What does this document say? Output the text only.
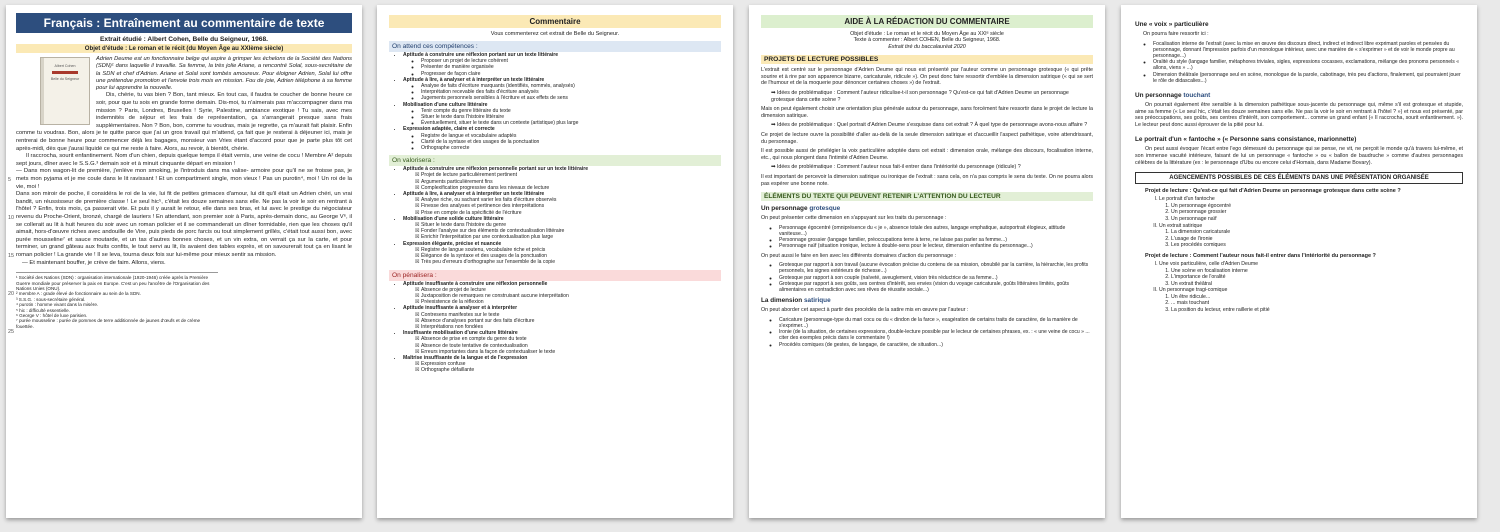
Français : Entraînement au commentaire de texte
Extrait étudié : Albert Cohen, Belle du Seigneur, 1968.
Objet d'étude : Le roman et le récit (du Moyen Âge au XXIème siècle)
Albert Cohen
Belle du Seigneur
Adrien Deume est un fonctionnaire belge qui aspire à grimper les échelons de la Société des Nations (SDN)¹ dans laquelle il travaille. Sa femme, la très jolie Ariane, a rencontré Solal, sous-secrétaire de la SDN et chef d'Adrien. Ariane et Solal sont tombés amoureux. Pour éloigner Adrien, Solal lui offre une prétendue promotion et l'envoie trois mois en mission. Fou de joie, Adrien téléphone à sa femme pour lui apprendre la nouvelle.

Dis, chérie, tu vas bien ? Bon, tant mieux. En tout cas, il faudra te coucher de bonne heure ce soir, pour que tu sois en grande forme demain. Dis-moi, tu n'aimerais pas m'accompagner dans ma mission ? Paris, Londres, Bruxelles ! Syrie, Palestine, ambiance exotique ! Tu sais, avec mes indemnités de séjour et les frais de représentation, ça s'arrangerait presque sans frais supplémentaires. Non ? Bon, bon, comme tu voudras, mais je regrette, ça m'aurait fait plaisir. Enfin comme tu voudras. Bon, alors je te quitte parce que j'ai un gros travail qui m'attend, ça fait que je resterai à déjeuner ici, mais je rentrerai de bonne heure pour commencer déjà les bagages, monsieur van Vries étant d'accord pour que je parte plus tôt cet après-midi, dès que j'aurai liquidé ce qui me reste à faire. Alors, au revoir, à bientôt, chérie.

Il raccrocha, sourit enfantinement. Nom d'un chien, depuis quelque temps il était vernis, une veine de cocu ! Membre A² depuis sept jours, dîner avec le S.S.G.³ demain soir et à minuit cinquante départ en mission !

— Dans mon wagon-lit de première, j'enlève mon smoking, je l'introduis dans ma valise- armoire pour qu'il ne se froisse pas, je mets mon pyjama et je me coule dans le lit ravissant ! Et un compartiment single, mon vieux ! Pas un purotin⁴, moi ! Un roi de la vie, moi !

Dans son miroir de poche, il considéra le roi de la vie, lui fit de petites grimaces d'amour, lui dit qu'il était un Adrien chéri, un vrai bandit, un réussisseur de première classe ! Le seul hic⁵, c'était les douze semaines sans elle. Ne pas la voir le soir en rentrant à l'hôtel ? Enfin, trois mois, ça passerait vite. Et puis il y aurait le retour, elle dans ses bras, et lui avec le prestige du négociateur revenu du Proche-Orient, bronzé, chargé de lauriers ! En attendant, son premier soir à Paris, après-demain donc, au George V⁶, il se collerait au lit à huit heures du soir avec un roman policier et il se commanderait un dîner formidable, rien que les choses qu'il aimait, hors-d'œuvre riches avec andouille de Vire, puis pieds de porc farcis ou tout simplement grillés, c'était tout aussi bon, avec purée mousseline⁷ et sauce moutarde, et un tas d'autres bonnes choses, et un vin extra, on verrait ça sur la carte, et pour terminer, un grand gâteau aux fruits confits, le tout servi au lit, ils avaient des tables exprès, et on savourerait tout ça en lisant le roman policier ! La grande vie ! Il se leva, tourna deux fois sur lui-même pour mieux sentir sa mission.

— Et maintenant bouffer, je crève de faim. Allons, viens.

5
10
15
20
25
¹ Société des Nations (SDN) : organisation internationale (1920-1946) créée après la Première Guerre mondiale pour préserver la paix en Europe. C'est un peu l'ancêtre de l'Organisation des Nations Unies (ONU).
² membre A : grade élevé de fonctionnaire au sein de la SDN.
³ S.S.G. : sous-secrétaire général.
⁴ purotin : homme vivant dans la misère.
⁵ hic : difficulté essentielle.
⁶ George V : hôtel de luxe parisien.
⁷ purée mousseline : purée de pommes de terre additionnée de jaunes d'œufs et de crème fouettée.
Commentaire
Vous commenterez cet extrait de Belle du Seigneur.
On attend ces compétences :
• Aptitude à construire une réflexion portant sur un texte littéraire
◦ Proposer un projet de lecture cohérent
◦ Présenter de manière organisée
◦ Progresser de façon claire
• Aptitude à lire, à analyser et à interpréter un texte littéraire
◦ Analyse de faits d'écriture marquants (identifiés, nommés, analysés)
◦ Interprétation recevable des faits d'écriture analysés
◦ Jugements personnels sensibles à l'écriture et aux effets de sens
• Mobilisation d'une culture littéraire
◦ Tenir compte du genre littéraire du texte
◦ Situer le texte dans l'histoire littéraire
◦ Éventuellement, situer le texte dans un contexte (artistique) plus large
• Expression adaptée, claire et correcte
◦ Registre de langue et vocabulaire adaptés
◦ Clarté de la syntaxe et des usages de la ponctuation
◦ Orthographe correcte
On valorisera :
• Aptitude à construire une réflexion personnelle portant sur un texte littéraire
☒ Projet de lecture particulièrement pertinent
☒ Arguments particulièrement fins
☒ Complexification progressive dans les niveaux de lecture
• Aptitude à lire, à analyser et à interpréter un texte littéraire
☒ Analyse riche, ou sachant varier les faits d'écriture observés
☒ Finesse des analyses et pertinence des interprétations
☒ Prise en compte de la spécificité de l'écriture
• Mobilisation d'une solide culture littéraire
☒ Situer le texte dans l'histoire du genre
☒ Fonder l'analyse sur des éléments de contextualisation littéraire
☒ Enrichir l'interprétation par une contextualisation plus large
• Expression élégante, précise et nuancée
☒ Registre de langue soutenu, vocabulaire riche et précis
☒ Élégance de la syntaxe et des usages de la ponctuation
☒ Très peu d'erreurs d'orthographe sur l'ensemble de la copie
On pénalisera :
• Aptitude insuffisante à construire une réflexion personnelle
☒ Absence de projet de lecture
☒ Juxtaposition de remarques ne construisant aucune interprétation
☒ Préexistence de la réflexion
• Aptitude insuffisante à analyser et à interpréter
☒ Contresens manifestes sur le texte
☒ Absence d'analyses portant sur des faits d'écriture
☒ Interprétations non fondées
• Insuffisante mobilisation d'une culture littéraire
☒ Absence de prise en compte du genre du texte
☒ Absence de toute tentative de contextualisation
☒ Erreurs importantes dans la façon de contextualiser le texte
• Maîtrise insuffisante de la langue et de l'expression
☒ Expression confuse
☒ Orthographe défaillante
AIDE À LA RÉDACTION DU COMMENTAIRE
Objet d'étude : Le roman et le récit du Moyen Âge au XXIᵉ siècle
Texte à commenter : Albert COHEN, Belle du Seigneur, 1968.
Extrait tiré du baccalauréat 2020
PROJETS DE LECTURE POSSIBLES
L'extrait est centré sur le personnage d'Adrien Deume qui nous est présenté par l'auteur comme un personnage grotesque (« qui prête sourire et à rire par son apparence bizarre, caricaturale, ridicule »). On peut donc faire ressortir d'emblée la dimension satirique (« qui se sert de l'humour et de la moquerie pour dénoncer certaines choses ») de l'extrait.
➡ Idées de problématique : Comment l'auteur ridiculise-t-il son personnage ? Qu'est-ce qui fait d'Adrien Deume un personnage grotesque dans cette scène ?
Mais on peut également choisir une orientation plus générale autour du personnage, sans forcément faire ressortir dans le projet de lecture la dimension satirique.
➡ Idées de problématique : Quel portrait d'Adrien Deume s'esquisse dans cet extrait ? À quel type de personnage avons-nous affaire ?
Ce projet de lecture ouvre la possibilité d'aller au-delà de la seule dimension satirique et d'accueillir l'aspect pathétique, voire attendrissant, du personnage.
Il est possible aussi de privilégier la voix particulière adoptée dans cet extrait : dimension orale, mélange des discours, focalisation interne, etc., qui nous plongent dans l'intimité d'Adrien Deume.
➡ Idées de problématique : Comment l'auteur nous fait-il entrer dans l'intériorité du personnage (ridicule) ?
Il est important de percevoir la dimension satirique ou ironique de l'extrait : sans cela, on n'a pas compris le sens du texte. On ne pourra alors pas espérer une bonne note.
ÉLÉMENTS DU TEXTE QUI PEUVENT RETENIR L'ATTENTION DU LECTEUR
Un personnage grotesque
On peut présenter cette dimension en s'appuyant sur les traits du personnage :
◦ Personnage égocentré (omniprésence du « je », absence totale des autres, langage emphatique, autoportrait élogieux, attitude vaniteuse...)
◦ Personnage grossier (langage familier, préoccupations terre à terre, ne laisse pas parler sa femme...)
◦ Personnage naïf (situation ironique, lecture à double-sens pour le lecteur, dimension enfantine du personnage...)
On peut aussi le faire en lien avec les différents domaines d'action du personnage :
◦ Grotesque par rapport à son travail (aucune évocation précise du contenu de sa mission, obnubilé par la carrière, la hiérarchie, les profits personnels, les signes extérieurs de richesse...)
◦ Grotesque par rapport à son couple (naïveté, aveuglement, vision très réductrice de sa femme...)
◦ Grotesque par rapport à ses goûts, ses centres d'intérêt, ses envies (vision du voyage caricaturale, goûts littéraires limités, goûts alimentaires en contradiction avec ses rêves de réussite sociale...)
La dimension satirique
On peut aborder cet aspect à partir des procédés de la satire mis en œuvre par l'auteur :
◦ Caricature (personnage-type du mari cocu ou du « dindon de la farce », exagération de certains traits de caractère, de la manière de s'exprimer...)
◦ Ironie (de la situation, de certaines expressions, double-lecture possible par le lecteur de certaines phrases, ex. : « une veine de cocu » ... citer des exemples précis dans le commentaire !)
◦ Procédés comiques (de gestes, de langage, de caractère, de situation...)
Une « voix » particulière
On pourra faire ressortir ici :
◦ Focalisation interne de l'extrait (avec la mise en œuvre des discours direct, indirect et indirect libre exprimant paroles et pensées du personnage, donnant l'impression parfois d'un monologue intérieur, avec une manière de « s'exprimer » et de voir le monde propre au personnage...)
◦ Oralité du style (langage familier, métaphores triviales, sigles, expressions cocasses, exclamations, mélange des pronoms personnels « allons, viens » ...)
◦ Dimension théâtrale (personnage seul en scène, monologue de la parole, cabotinage, très peu d'actions, finalement, qui pourraient jouer le rôle de didascalies...)
Un personnage touchant
On pourrait également être sensible à la dimension pathétique sous-jacente du personnage qui, même s'il est grotesque et stupide, aime sa femme (« Le seul hic, c'était les douze semaines sans elle. Ne pas la voir le soir en rentrant à l'hôtel ? ») et nous est présenté, par ses préoccupations, ses goûts, ses centres d'intérêt, son comportement... comme un grand enfant (« Il raccrocha, sourit enfantinement. »). Le lecteur peut donc aussi éprouver de la pitié pour lui.
Le portrait d'un « fantoche » (« Personne sans consistance, marionnette)
On peut aussi évoquer l'écart entre l'ego démesuré du personnage qui se pense, ne vit, ne perçoit le monde qu'à travers lui-même, et son immense vacuité intérieure, faisant de lui un personnage « fantoche » ou « ballon de baudruche » comme d'autres personnages célèbres de la littérature (ex : le personnage d'Ubu ou encore celui d'Homais, dans Madame Bovary).
AGENCEMENTS POSSIBLES DE CES ÉLÉMENTS DANS UNE PRÉSENTATION ORGANISÉE
Projet de lecture : Qu'est-ce qui fait d'Adrien Deume un personnage grotesque dans cette scène ?
I. Le portrait d'un fantoche
1. Un personnage égocentré
2. Un personnage grossier
3. Un personnage naïf
II. Un extrait satirique
1. La dimension caricaturale
2. L'usage de l'ironie
3. Les procédés comiques
Projet de lecture : Comment l'auteur nous fait-il entrer dans l'intériorité du personnage ?
I. Une voix particulière, celle d'Adrien Deume
1. Une scène en focalisation interne
2. L'importance de l'oralité
3. Un extrait théâtral
II. Un personnage tragi-comique
1. Un être ridicule...
2. ... mais touchant
3. La position du lecteur, entre raillerie et pitié
